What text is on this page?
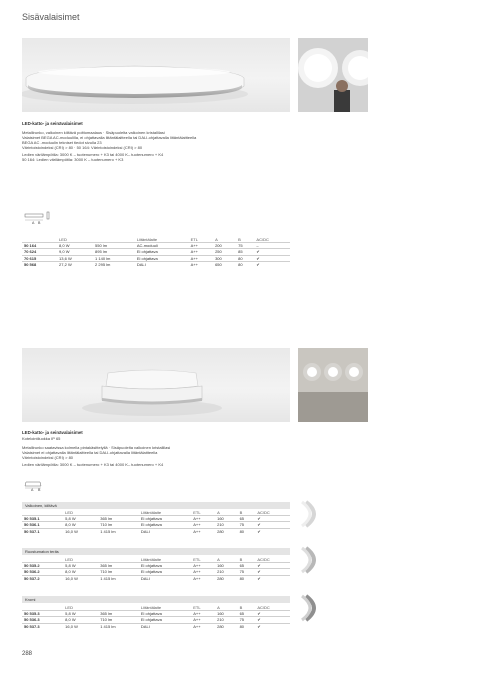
Sisävalaisimet
LED-katto- ja seinävalaisimet
Metallirunko, valkoinen kiiltävä polttomaalaus · Sisäpuolelta valkoinen kristallilasi
Valaisimet BEGA AC-moduulilla, ei ohjattavalla liitäntälaitteella tai DALI-ohjattavalla liitäntälaitteella
BEGA AC -moduulin tekniset tiedot sivulla 23
Värintoistoindeksi (CRI) > 80 · 50 164: Värintoistoindeksi (CRI) > 80
Ledien värilämpötila: 3000 K – tuotenumero + K3 tai 4000 K– tuotenumero + K4
50 164: Ledien värilämpötila: 3000 K – tuotenumero + K3
A B
	LED		Liitäntälaite	ETL	A	B	AC/DC
50 164	8,0 W	550 lm	AC-moduuli	A++	200	75	–
70 624	9,0 W	895 lm	Ei ohjattava	A++	250	85	✔
70 615	13,6 W	1 140 lm	Ei ohjattava	A++	300	80	✔
50 568	27,2 W	2 295 lm	DALI	A++	650	80	✔
LED-katto- ja seinävalaisimet
Kotelointiluokka IP 65
Metallirunko saatavissa kolmella pintakäsittelyllä · Sisäpuolelta valkoinen kristallilasi
Valaisimet ei ohjattavalla liitäntälaitteella tai DALI-ohjattavalla liitäntälaitteella
Värintoistoindeksi (CRI) > 80
Ledien värilämpötila: 3000 K – tuotenumero + K3 tai 4000 K– tuotenumero + K4
A B
Valkoinen, kiiltävä
	LED		Liitäntälaite	ETL	A	B	AC/DC
50 535.1	5,8 W	365 lm	Ei ohjattava	A++	160	65	✔
50 536.1	8,0 W	710 lm	Ei ohjattava	A++	210	75	✔
50 537.1	16,0 W	1 415 lm	DALI	A++	280	80	✔
Ruostumaton teräs
	LED		Liitäntälaite	ETL	A	B	AC/DC
50 535.2	5,8 W	365 lm	Ei ohjattava	A++	160	65	✔
50 536.2	8,0 W	710 lm	Ei ohjattava	A++	210	75	✔
50 537.2	16,0 W	1 415 lm	DALI	A++	280	80	✔
Kromi
	LED		Liitäntälaite	ETL	A	B	AC/DC
50 535.3	5,8 W	365 lm	Ei ohjattava	A++	160	65	✔
50 536.3	8,0 W	710 lm	Ei ohjattava	A++	210	75	✔
50 537.3	16,0 W	1 415 lm	DALI	A++	280	80	✔
288
